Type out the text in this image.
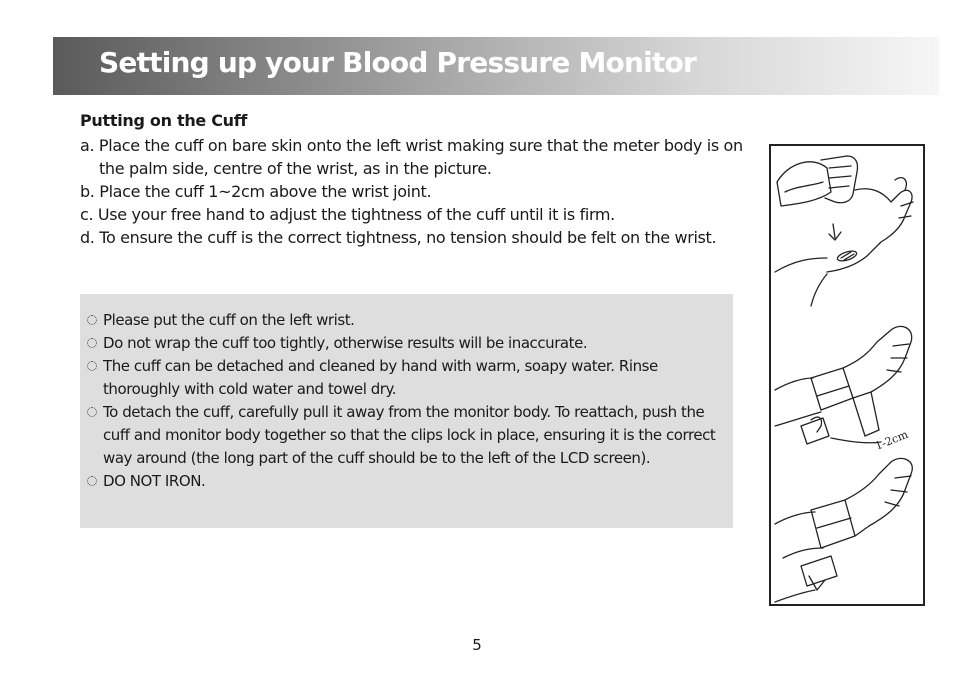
Setting up your Blood Pressure Monitor
Putting on the Cuff
a. Place the cuff on bare skin onto the left wrist making sure that the meter body is on the palm side, centre of the wrist, as in the picture.
b. Place the cuff 1~2cm above the wrist joint.
c. Use your free hand to adjust the tightness of the cuff until it is firm.
d. To ensure the cuff is the correct tightness, no tension should be felt on the wrist.
Please put the cuff on the left wrist.
Do not wrap the cuff too tightly, otherwise results will be inaccurate.
The cuff can be detached and cleaned by hand with warm, soapy water. Rinse thoroughly with cold water and towel dry.
To detach the cuff, carefully pull it away from the monitor body. To reattach, push the cuff and monitor body together so that the clips lock in place, ensuring it is the correct way around (the long part of the cuff should be to the left of the LCD screen).
DO NOT IRON.
1-2cm
5
